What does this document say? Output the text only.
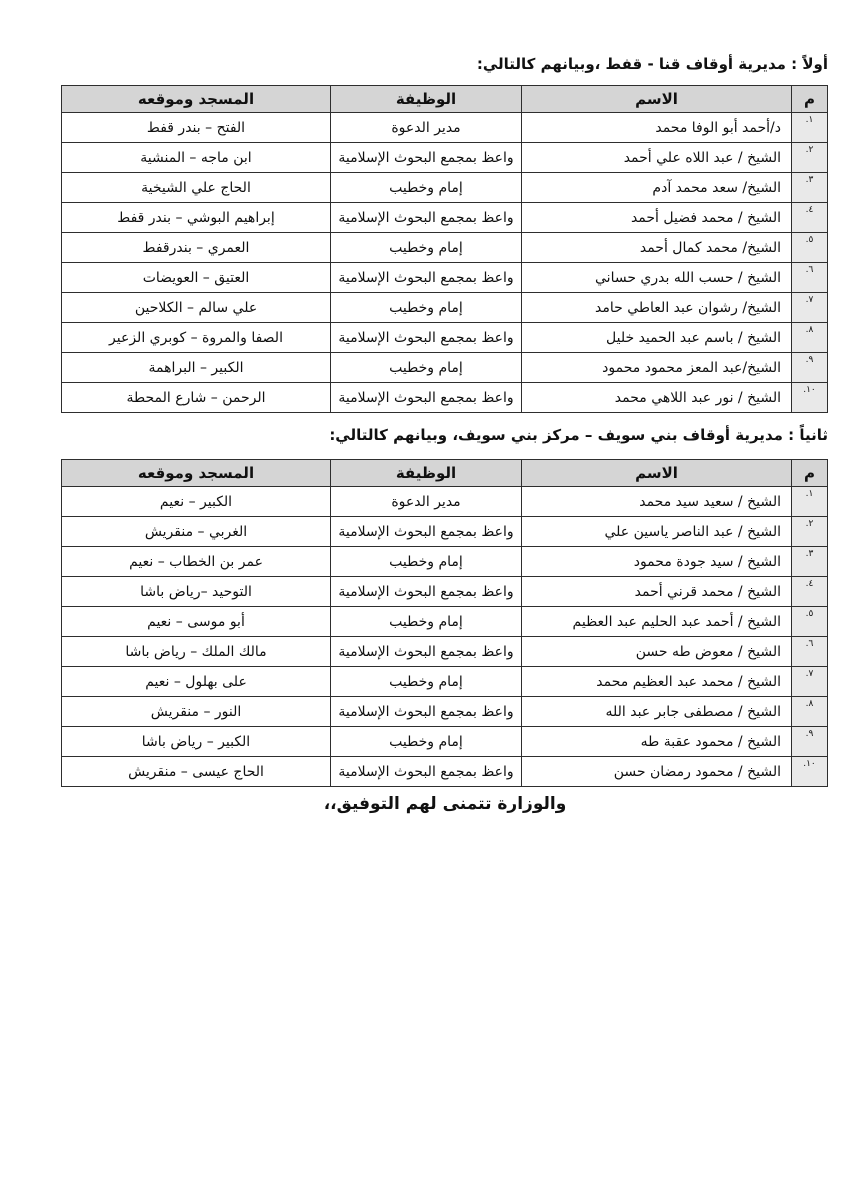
أولاً : مديرية أوقاف قنا - قفط ،وبيانهم كالتالي:
م	الاسم	الوظيفة	المسجد وموقعه
١.	د/أحمد أبو الوفا محمد	مدير الدعوة	الفتح – بندر قفط
٢.	الشيخ / عبد اللاه علي أحمد	واعظ بمجمع البحوث الإسلامية	ابن ماجه – المنشية
٣.	الشيخ/ سعد محمد آدم	إمام وخطيب	الحاج علي الشيخية
٤.	الشيخ / محمد فضيل أحمد	واعظ بمجمع البحوث الإسلامية	إبراهيم البوشي – بندر قفط
٥.	الشيخ/ محمد كمال أحمد	إمام وخطيب	العمري – بندرقفط
٦.	الشيخ / حسب الله بدري حساني	واعظ بمجمع البحوث الإسلامية	العتيق – العويضات
٧.	الشيخ/ رشوان عبد العاطي حامد	إمام وخطيب	علي سالم – الكلاحين
٨.	الشيخ / باسم عبد الحميد خليل	واعظ بمجمع البحوث الإسلامية	الصفا والمروة – كوبري الزعير
٩.	الشيخ/عبد المعز محمود محمود	إمام وخطيب	الكبير – البراهمة
١٠.	الشيخ / نور عبد اللاهي محمد	واعظ بمجمع البحوث الإسلامية	الرحمن – شارع المحطة
ثانياً : مديرية أوقاف بني سويف – مركز بني سويف، وبيانهم كالتالي:
م	الاسم	الوظيفة	المسجد وموقعه
١.	الشيخ / سعيد سيد محمد	مدير الدعوة	الكبير – نعيم
٢.	الشيخ / عبد الناصر ياسين علي	واعظ بمجمع البحوث الإسلامية	الغربي – منقريش
٣.	الشيخ / سيد جودة محمود	إمام وخطيب	عمر بن الخطاب – نعيم
٤.	الشيخ / محمد قرني أحمد	واعظ بمجمع البحوث الإسلامية	التوحيد –رياض باشا
٥.	الشيخ / أحمد عبد الحليم عبد العظيم	إمام وخطيب	أبو موسى – نعيم
٦.	الشيخ / معوض طه حسن	واعظ بمجمع البحوث الإسلامية	مالك الملك – رياض باشا
٧.	الشيخ / محمد عبد العظيم محمد	إمام وخطيب	على بهلول – نعيم
٨.	الشيخ / مصطفى جابر عبد الله	واعظ بمجمع البحوث الإسلامية	النور – منقريش
٩.	الشيخ / محمود عقبة طه	إمام وخطيب	الكبير – رياض باشا
١٠.	الشيخ / محمود رمضان حسن	واعظ بمجمع البحوث الإسلامية	الحاج عيسى – منقريش
والوزارة تتمنى لهم التوفيق،،
